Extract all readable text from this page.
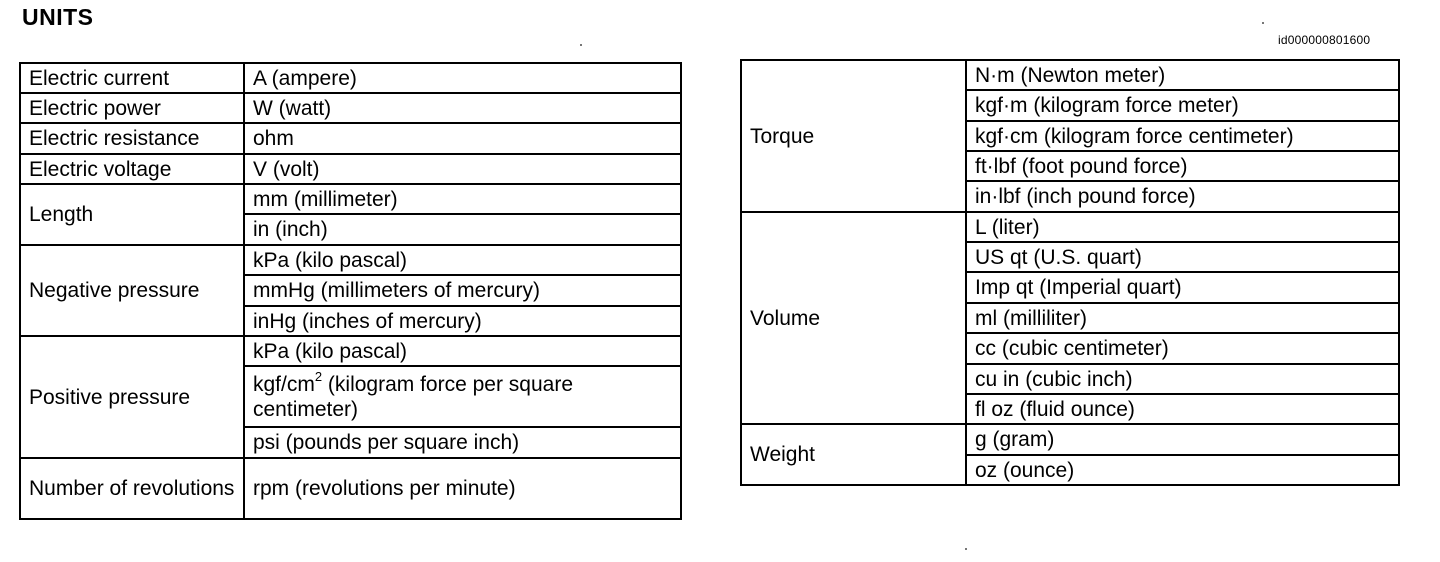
UNITS
id000000801600
Electric current	A (ampere)
Electric power	W (watt)
Electric resistance	ohm
Electric voltage	V (volt)
Length	mm (millimeter)
	in (inch)
Negative pressure	kPa (kilo pascal)
	mmHg (millimeters of mercury)
	inHg (inches of mercury)
Positive pressure	kPa (kilo pascal)
	kgf/$cm^2$ (kilogram force per square centimeter)
	psi (pounds per square inch)
Number of revolutions	rpm (revolutions per minute)
Torque	N·m (Newton meter)
	kgf·m (kilogram force meter)
	kgf·cm (kilogram force centimeter)
	ft·lbf (foot pound force)
	in·lbf (inch pound force)
Volume	L (liter)
	US qt (U.S. quart)
	Imp qt (Imperial quart)
	ml (milliliter)
	cc (cubic centimeter)
	cu in (cubic inch)
	fl oz (fluid ounce)
Weight	g (gram)
	oz (ounce)
